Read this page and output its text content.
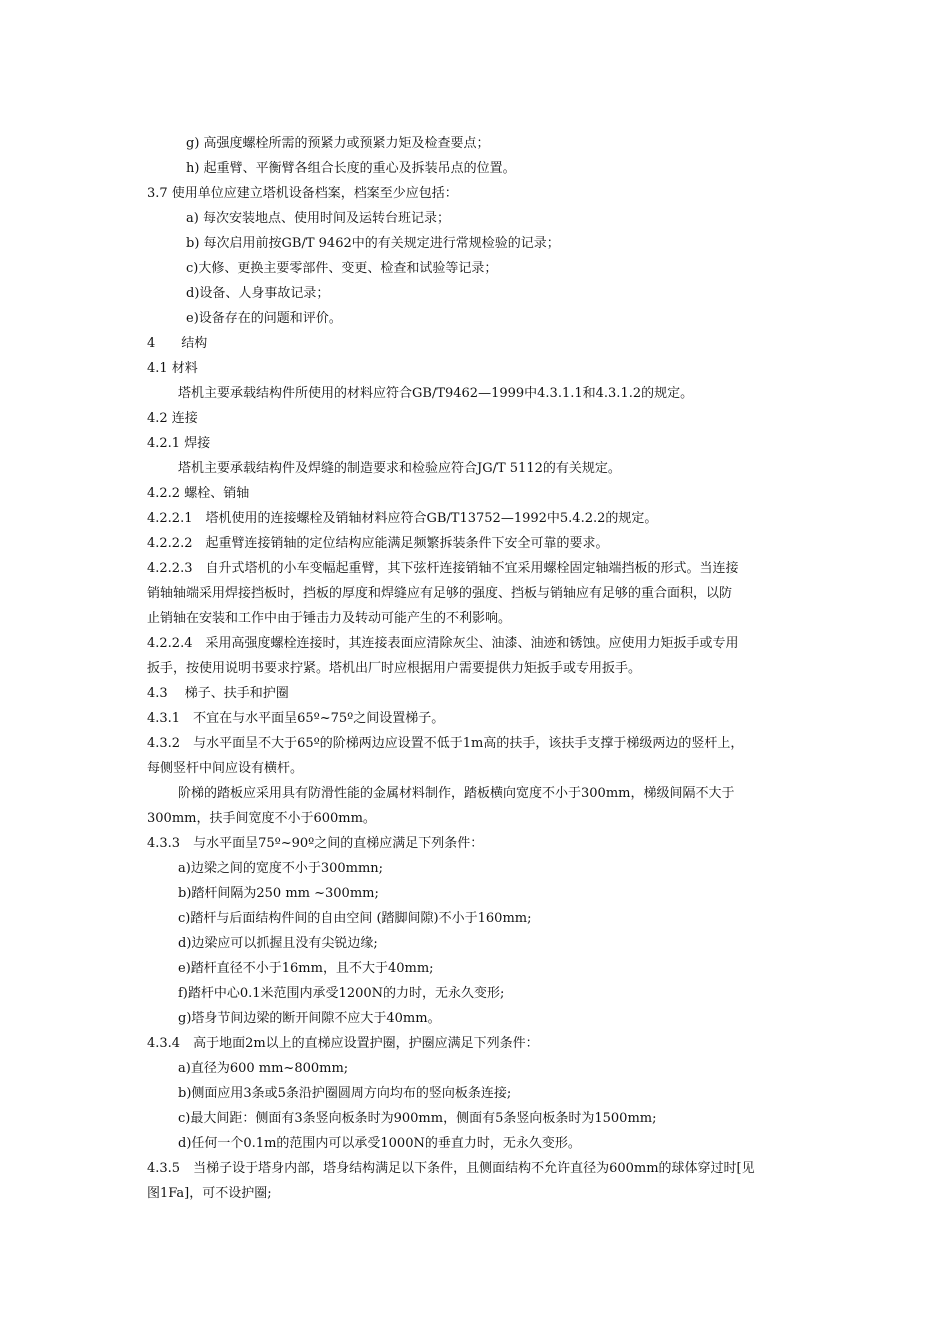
g) 高强度螺栓所需的预紧力或预紧力矩及检查要点；
h) 起重臂、平衡臂各组合长度的重心及拆装吊点的位置。
3.7 使用单位应建立塔机设备档案，档案至少应包括：
a) 每次安装地点、使用时间及运转台班记录；
b) 每次启用前按GB/T 9462中的有关规定进行常规检验的记录；
c)大修、更换主要零部件、变更、检查和试验等记录；
d)设备、人身事故记录；
e)设备存在的问题和评价。
4　　结构
4.1 材料
塔机主要承载结构件所使用的材料应符合GB/T9462—1999中4.3.1.1和4.3.1.2的规定。
4.2 连接
4.2.1 焊接
塔机主要承载结构件及焊缝的制造要求和检验应符合JG/T 5112的有关规定。
4.2.2 螺栓、销轴
4.2.2.1　塔机使用的连接螺栓及销轴材料应符合GB/T13752—1992中5.4.2.2的规定。
4.2.2.2　起重臂连接销轴的定位结构应能满足频繁拆装条件下安全可靠的要求。
4.2.2.3　自升式塔机的小车变幅起重臂，其下弦杆连接销轴不宜采用螺栓固定轴端挡板的形式。当连接
销轴轴端采用焊接挡板时，挡板的厚度和焊缝应有足够的强度、挡板与销轴应有足够的重合面积，以防
止销轴在安装和工作中由于锤击力及转动可能产生的不利影响。
4.2.2.4　采用高强度螺栓连接时，其连接表面应清除灰尘、油漆、油迹和锈蚀。应使用力矩扳手或专用
扳手，按使用说明书要求拧紧。塔机出厂时应根据用户需要提供力矩扳手或专用扳手。
4.3　 梯子、扶手和护圈
4.3.1　不宜在与水平面呈65º~75º之间设置梯子。
4.3.2　与水平面呈不大于65º的阶梯两边应设置不低于1m高的扶手，该扶手支撑于梯级两边的竖杆上，
每侧竖杆中间应设有横杆。
阶梯的踏板应采用具有防滑性能的金属材料制作，踏板横向宽度不小于300mm，梯级间隔不大于
300mm，扶手间宽度不小于600mm。
4.3.3　与水平面呈75º~90º之间的直梯应满足下列条件：
a)边梁之间的宽度不小于300mmn;
b)踏杆间隔为250 mm ~300mm;
c)踏杆与后面结构件间的自由空间 (踏脚间隙)不小于160mm;
d)边梁应可以抓握且没有尖锐边缘;
e)踏杆直径不小于16mm，且不大于40mm;
f)踏杆中心0.1米范围内承受1200N的力时，无永久变形;
g)塔身节间边梁的断开间隙不应大于40mm。
4.3.4　高于地面2m以上的直梯应设置护圈，护圈应满足下列条件：
a)直径为600 mm~800mm;
b)侧面应用3条或5条沿护圈圆周方向均布的竖向板条连接;
c)最大间距：侧面有3条竖向板条时为900mm，侧面有5条竖向板条时为1500mm;
d)任何一个0.1m的范围内可以承受1000N的垂直力时，无永久变形。
4.3.5　当梯子设于塔身内部，塔身结构满足以下条件，且侧面结构不允许直径为600mm的球体穿过时[见
图1Fa]，可不设护圈;
